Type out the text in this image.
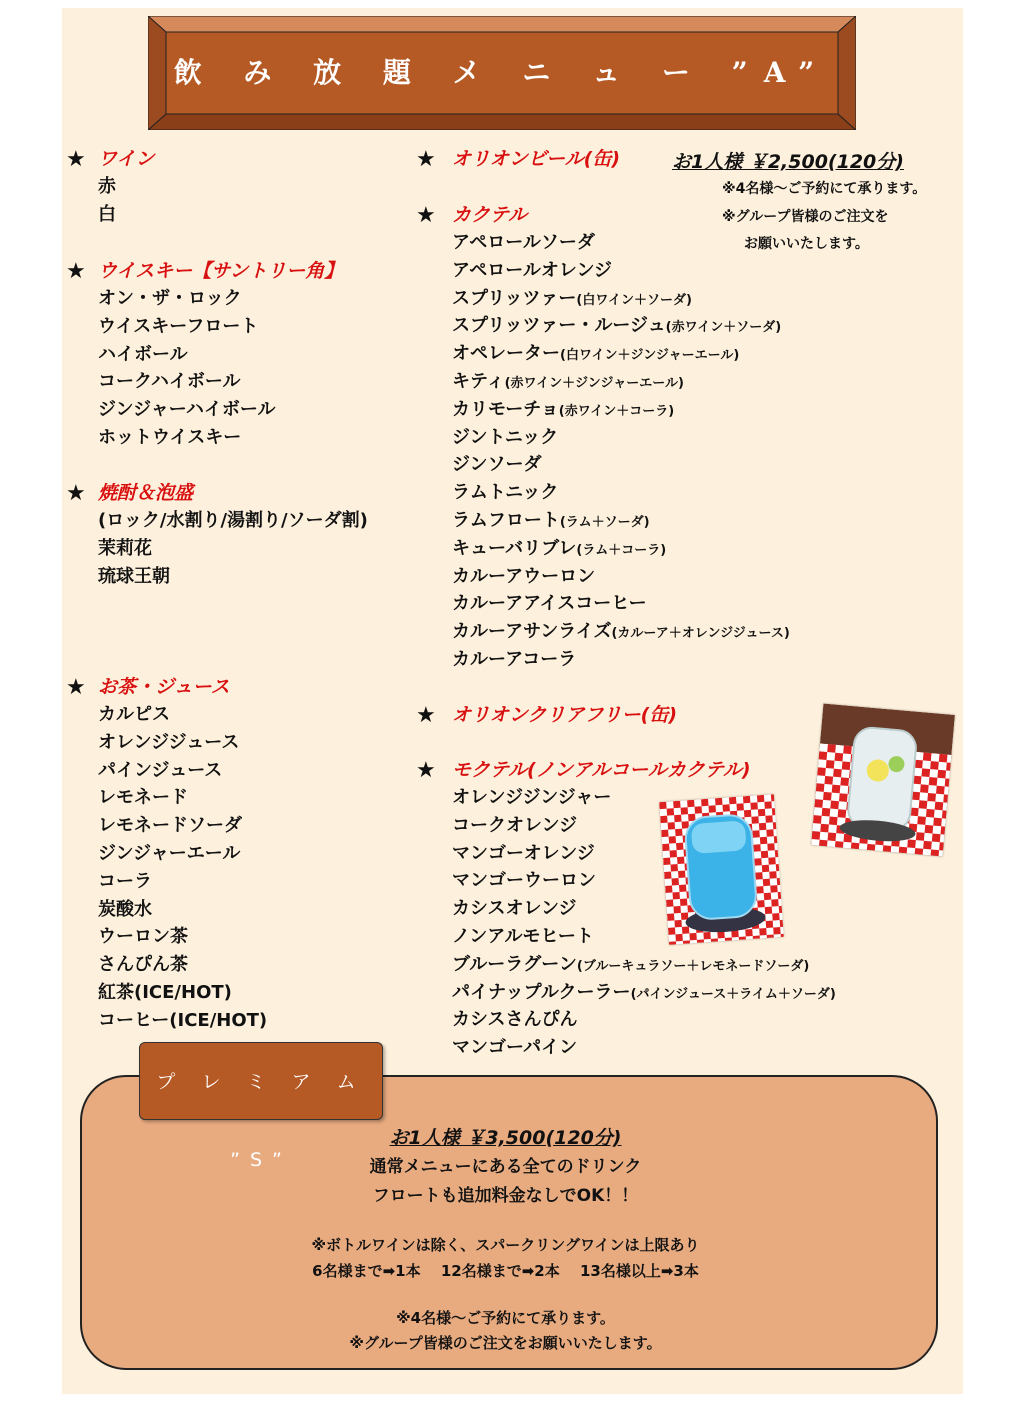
飲 み 放 題 メ ニ ュ ー ”A”
★ ワイン
赤
白
★ ウイスキー【サントリー角】
オン・ザ・ロック
ウイスキーフロート
ハイボール
コークハイボール
ジンジャーハイボール
ホットウイスキー
★ 焼酎＆泡盛
(ロック/水割り/湯割り/ソーダ割)
茉莉花
琉球王朝
★ お茶・ジュース
カルピス
オレンジジュース
パインジュース
レモネード
レモネードソーダ
ジンジャーエール
コーラ
炭酸水
ウーロン茶
さんぴん茶
紅茶(ICE/HOT)
コーヒー(ICE/HOT)
★ オリオンビール(缶)
★ カクテル
アペロールソーダ
アペロールオレンジ
スプリッツァー(白ワイン＋ソーダ)
スプリッツァー・ルージュ(赤ワイン＋ソーダ)
オペレーター(白ワイン＋ジンジャーエール)
キティ(赤ワイン＋ジンジャーエール)
カリモーチョ(赤ワイン＋コーラ)
ジントニック
ジンソーダ
ラムトニック
ラムフロート(ラム＋ソーダ)
キューバリブレ(ラム＋コーラ)
カルーアウーロン
カルーアアイスコーヒー
カルーアサンライズ(カルーア＋オレンジジュース)
カルーアコーラ
★ オリオンクリアフリー(缶)
★ モクテル(ノンアルコールカクテル)
オレンジジンジャー
コークオレンジ
マンゴーオレンジ
マンゴーウーロン
カシスオレンジ
ノンアルモヒート
ブルーラグーン(ブルーキュラソー＋レモネードソーダ)
パイナップルクーラー(パインジュース＋ライム＋ソーダ)
カシスさんぴん
マンゴーパイン
お1人様 ￥2,500(120分)
※4名様～ご予約にて承ります。
※グループ皆様のご注文を
お願いいたします。
プ レ ミ ア ム ”S”
お1人様 ￥3,500(120分)
通常メニューにある全てのドリンク
フロートも追加料金なしでOK！！
※ボトルワインは除く、スパークリングワインは上限あり
6名様まで➡1本　 12名様まで➡2本　 13名様以上➡3本
※4名様～ご予約にて承ります。
※グループ皆様のご注文をお願いいたします。
